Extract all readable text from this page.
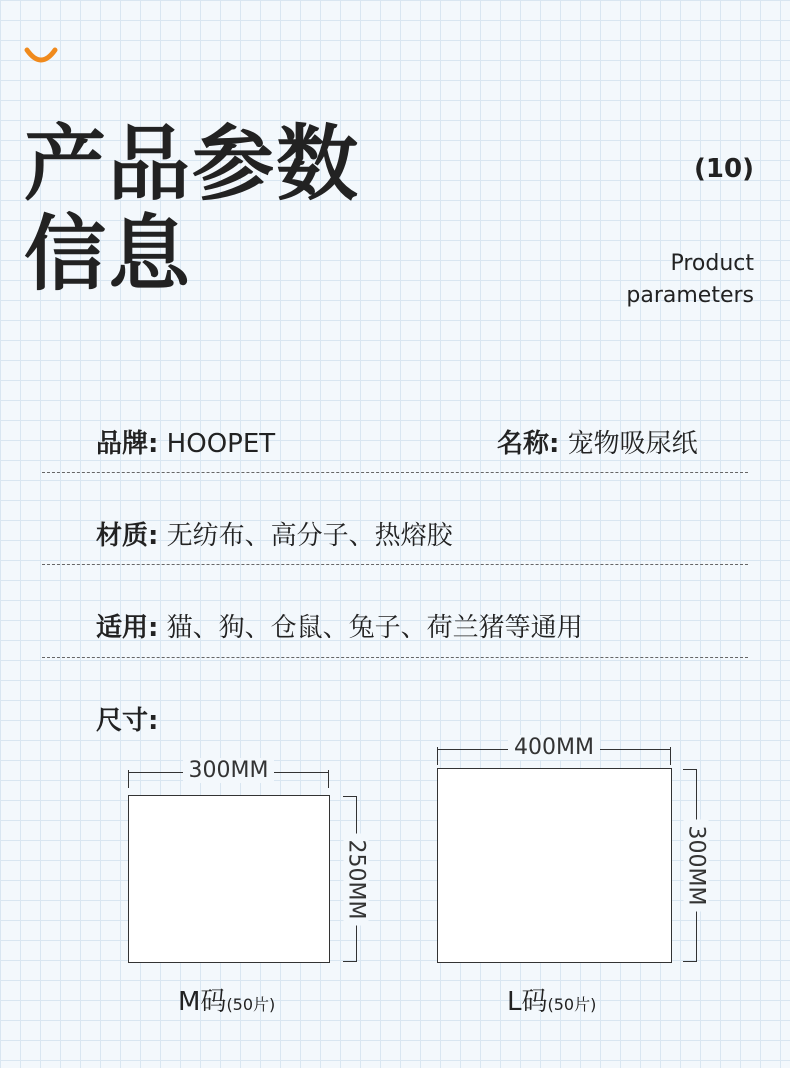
产品参数
信息
(10)
Product
parameters
品牌: HOOPET	名称: 宠物吸尿纸
材质: 无纺布、高分子、热熔胶
适用: 猫、狗、仓鼠、兔子、荷兰猪等通用
尺寸:
300MM
250MM
M码(50片)
400MM
300MM
L码(50片)
